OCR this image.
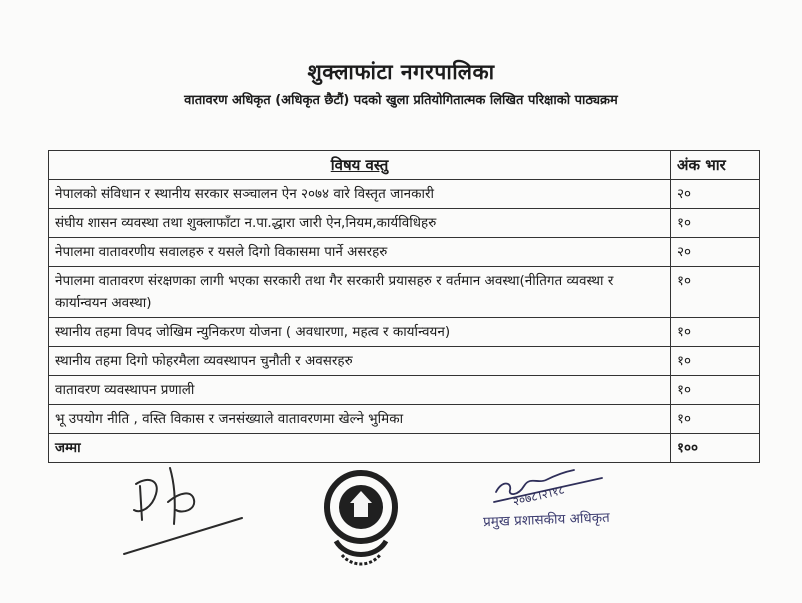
शुक्लाफांटा नगरपालिका
वातावरण अधिकृत (अधिकृत छैटौं) पदको खुला प्रतियोगितात्मक लिखित परिक्षाको पाठ्यक्रम
विषय वस्तु	अंक भार
नेपालको संविधान र स्थानीय सरकार सञ्चालन ऐन २०७४ वारे विस्तृत जानकारी	२०
संघीय शासन व्यवस्था तथा शुक्लाफाँटा न.पा.द्धारा जारी ऐन,नियम,कार्यविधिहरु	१०
नेपालमा वातावरणीय सवालहरु र यसले दिगो विकासमा पार्ने असरहरु	२०
नेपालमा वातावरण संरक्षणका लागी भएका सरकारी तथा गैर सरकारी प्रयासहरु र वर्तमान अवस्था(नीतिगत व्यवस्था र कार्यान्वयन अवस्था)	१०
स्थानीय तहमा विपद जोखिम न्युनिकरण योजना ( अवधारणा, महत्व र कार्यान्वयन)	१०
स्थानीय तहमा दिगो फोहरमैला व्यवस्थापन चुनौती र अवसरहरु	१०
वातावरण व्यवस्थापन प्रणाली	१०
भू उपयोग नीति , वस्ति विकास र जनसंख्याले वातावरणमा खेल्ने भुमिका	१०
जम्मा	१००
२०७८।२।१८
प्रमुख प्रशासकीय अधिकृत
